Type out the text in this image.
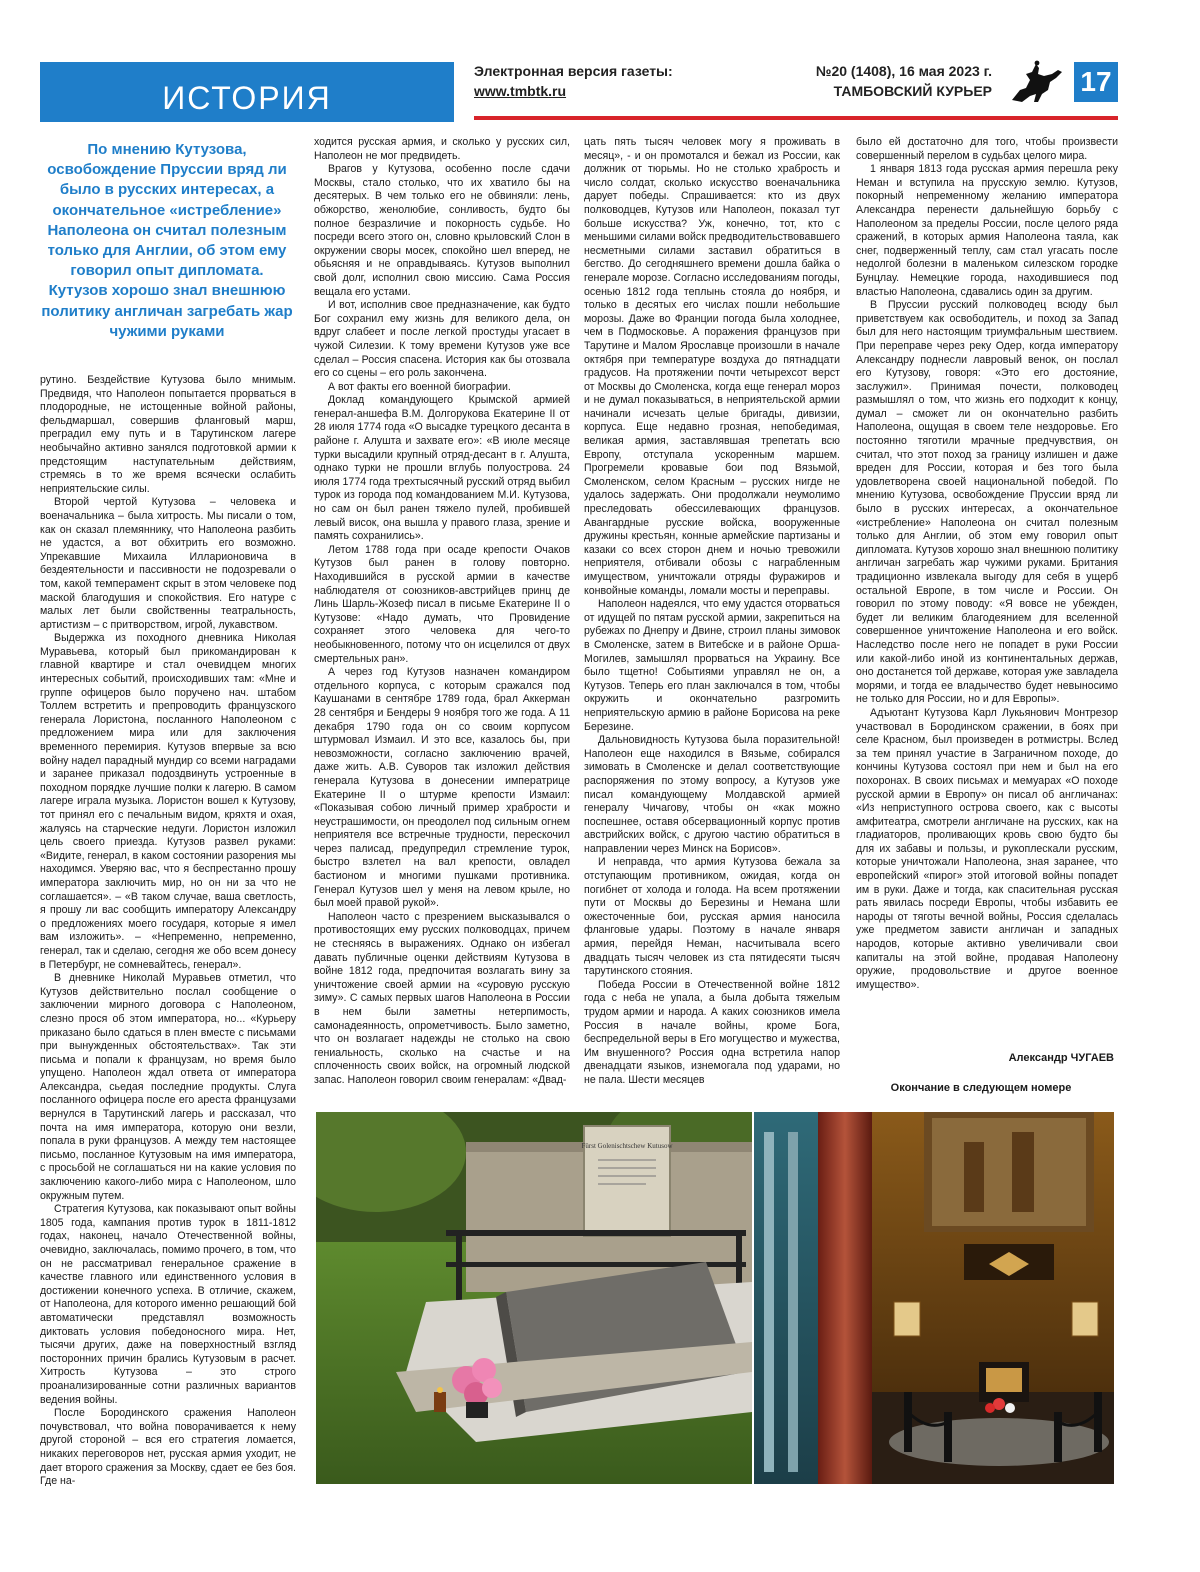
ИСТОРИЯ
Электронная версия газеты:
www.tmbtk.ru
№20 (1408), 16 мая 2023 г.
ТАМБОВСКИЙ КУРЬЕР	17
По мнению Кутузова, освобождение Пруссии вряд ли было в русских интересах, а окончательное «истребление» Наполеона он считал полезным только для Англии, об этом ему говорил опыт дипломата. Кутузов хорошо знал внешнюю политику англичан загребать жар чужими руками

рутино. Бездействие Кутузова было мнимым. Предвидя, что Наполеон попытается прорваться в плодородные, не истощенные войной районы, фельдмаршал, совершив фланговый марш, преградил ему путь и в Тарутинском лагере необычайно активно занялся подготовкой армии к предстоящим наступательным действиям, стремясь в то же время всячески ослабить неприятельские силы.

Второй чертой Кутузова – человека и военачальника – была хитрость. Мы писали о том, как он сказал племяннику, что Наполеона разбить не удастся, а вот обхитрить его возможно. Упрекавшие Михаила Илларионовича в бездеятельности и пассивности не подозревали о том, какой темперамент скрыт в этом человеке под маской благодушия и спокойствия. Его натуре с малых лет были свойственны театральность, артистизм – с притворством, игрой, лукавством.

Выдержка из походного дневника Николая Муравьева, который был прикомандирован к главной квартире и стал очевидцем многих интересных событий, происходивших там: «Мне и группе офицеров было поручено нач. штабом Толлем встретить и препроводить французского генерала Лористона, посланного Наполеоном с предложением мира или для заключения временного перемирия. Кутузов впервые за всю войну надел парадный мундир со всеми наградами и заранее приказал подоздвинуть устроенные в походном порядке лучшие полки к лагерю. В самом лагере играла музыка. Лористон вошел к Кутузову, тот принял его с печальным видом, кряхтя и охая, жалуясь на старческие недуги. Лористон изложил цель своего приезда. Кутузов развел руками: «Видите, генерал, в каком состоянии разорения мы находимся. Уверяю вас, что я беспрестанно прошу императора заключить мир, но он ни за что не соглашается». – «В таком случае, ваша светлость, я прошу ли вас сообщить императору Александру о предложениях моего государя, которые я имел вам изложить». – «Непременно, непременно, генерал, так и сделаю, сегодня же обо всем донесу в Петербург, не сомневайтесь, генерал».

В дневнике Николай Муравьев отметил, что Кутузов действительно послал сообщение о заключении мирного договора с Наполеоном, слезно прося об этом императора, но... «Курьеру приказано было сдаться в плен вместе с письмами при вынужденных обстоятельствах». Так эти письма и попали к французам, но время было упущено. Наполеон ждал ответа от императора Александра, сьедая последние продукты. Слуга посланного офицера после его ареста французами вернулся в Тарутинский лагерь и рассказал, что почта на имя императора, которую они везли, попала в руки французов. А между тем настоящее письмо, посланное Кутузовым на имя императора, с просьбой не соглашаться ни на какие условия по заключению какого-либо мира с Наполеоном, шло окружным путем.

Стратегия Кутузова, как показывают опыт войны 1805 года, кампания против турок в 1811-1812 годах, наконец, начало Отечественной войны, очевидно, заключалась, помимо прочего, в том, что он не рассматривал генеральное сражение в качестве главного или единственного условия в достижении конечного успеха. В отличие, скажем, от Наполеона, для которого именно решающий бой автоматически представлял возможность диктовать условия победоносного мира. Нет, тысячи других, даже на поверхностный взгляд посторонних причин брались Кутузовым в расчет. Хитрость Кутузова – это строго проанализированные сотни различных вариантов ведения войны.

После Бородинского сражения Наполеон почувствовал, что война поворачивается к нему другой стороной – вся его стратегия ломается, никаких переговоров нет, русская армия уходит, не дает второго сражения за Москву, сдает ее без боя. Где на-

ходится русская армия, и сколько у русских сил, Наполеон не мог предвидеть.

Врагов у Кутузова, особенно после сдачи Москвы, стало столько, что их хватило бы на десятерых. В чем только его не обвиняли: лень, обжорство, женолюбие, сонливость, будто бы полное безразличие и покорность судьбе. Но посреди всего этого он, словно крыловский Слон в окружении своры мосек, спокойно шел вперед, не обьясняя и не оправдываясь. Кутузов выполнил свой долг, исполнил свою миссию. Сама Россия вещала его устами.

И вот, исполнив свое предназначение, как будто Бог сохранил ему жизнь для великого дела, он вдруг слабеет и после легкой простуды угасает в чужой Силезии. К тому времени Кутузов уже все сделал – Россия спасена. История как бы отозвала его со сцены – его роль закончена.

А вот факты его военной биографии.

Доклад командующего Крымской армией генерал-аншефа В.М. Долгорукова Екатерине II от 28 июля 1774 года «О высадке турецкого десанта в районе г. Алушта и захвате его»: «В июле месяце турки высадили крупный отряд-десант в г. Алушта, однако турки не прошли вглубь полуострова. 24 июля 1774 года трехтысячный русский отряд выбил турок из города под командованием М.И. Кутузова, но сам он был ранен тяжело пулей, пробившей левый висок, она вышла у правого глаза, зрение и память сохранились».

Летом 1788 года при осаде крепости Очаков Кутузов был ранен в голову повторно. Находившийся в русской армии в качестве наблюдателя от союзников-австрийцев принц де Линь Шарль-Жозеф писал в письме Екатерине II о Кутузове: «Надо думать, что Провидение сохраняет этого человека для чего-то необыкновенного, потому что он исцелился от двух смертельных ран».

А через год Кутузов назначен командиром отдельного корпуса, с которым сражался под Каушанами в сентябре 1789 года, брал Аккерман 28 сентября и Бендеры 9 ноября того же года. А 11 декабря 1790 года он со своим корпусом штурмовал Измаил. И это все, казалось бы, при невозможности, согласно заключению врачей, даже жить. А.В. Суворов так изложил действия генерала Кутузова в донесении императрице Екатерине II о штурме крепости Измаил: «Показывая собою личный пример храбрости и неустрашимости, он преодолел под сильным огнем неприятеля все встречные трудности, перескочил через палисад, предупредил стремление турок, быстро взлетел на вал крепости, овладел бастионом и многими пушками противника. Генерал Кутузов шел у меня на левом крыле, но был моей правой рукой».

Наполеон часто с презрением высказывался о противостоящих ему русских полководцах, причем не стесняясь в выражениях. Однако он избегал давать публичные оценки действиям Кутузова в войне 1812 года, предпочитая возлагать вину за уничтожение своей армии на «суровую русскую зиму». С самых первых шагов Наполеона в России в нем были заметны нетерпимость, самонадеянность, опрометчивость. Было заметно, что он возлагает надежды не столько на свою гениальность, сколько на счастье и на сплоченность своих войск, на огромный людской запас. Наполеон говорил своим генералам: «Двад-

цать пять тысяч человек могу я проживать в месяц», - и он промотался и бежал из России, как должник от тюрьмы. Но не столько храбрость и число солдат, сколько искусство военачальника дарует победы. Спрашивается: кто из двух полководцев, Кутузов или Наполеон, показал тут больше искусства? Уж, конечно, тот, кто с меньшими силами войск предводительствовавшего несметными силами заставил обратиться в бегство. До сегодняшнего времени дошла байка о генерале морозе. Согласно исследованиям погоды, осенью 1812 года теплынь стояла до ноября, и только в десятых его числах пошли небольшие морозы. Даже во Франции погода была холоднее, чем в Подмосковье. А поражения французов при Тарутине и Малом Ярославце произошли в начале октября при температуре воздуха до пятнадцати градусов. На протяжении почти четырехсот верст от Москвы до Смоленска, когда еще генерал мороз и не думал показываться, в неприятельской армии начинали исчезать целые бригады, дивизии, корпуса. Еще недавно грозная, непобедимая, великая армия, заставлявшая трепетать всю Европу, отступала ускоренным маршем. Прогремели кровавые бои под Вязьмой, Смоленском, селом Красным – русских нигде не удалось задержать. Они продолжали неумолимо преследовать обессилевающих французов. Авангардные русские войска, вооруженные дружины крестьян, конные армейские партизаны и казаки со всех сторон днем и ночью тревожили неприятеля, отбивали обозы с награбленным имуществом, уничтожали отряды фуражиров и конвойные команды, ломали мосты и переправы.

Наполеон надеялся, что ему удастся оторваться от идущей по пятам русской армии, закрепиться на рубежах по Днепру и Двине, строил планы зимовок в Смоленске, затем в Витебске и в районе Орша-Могилев, замышлял прорваться на Украину. Все было тщетно! Событиями управлял не он, а Кутузов. Теперь его план заключался в том, чтобы окружить и окончательно разгромить неприятельскую армию в районе Борисова на реке Березине.

Дальновидность Кутузова была поразительной! Наполеон еще находился в Вязьме, собирался зимовать в Смоленске и делал соответствующие распоряжения по этому вопросу, а Кутузов уже писал командующему Молдавской армией генералу Чичагову, чтобы он «как можно поспешнее, оставя обсервационный корпус против австрийских войск, с другою частию обратиться в направлении через Минск на Борисов».

И неправда, что армия Кутузова бежала за отступающим противником, ожидая, когда он погибнет от холода и голода. На всем протяжении пути от Москвы до Березины и Немана шли ожесточенные бои, русская армия наносила фланговые удары. Поэтому в начале января армия, перейдя Неман, насчитывала всего двадцать тысяч человек из ста пятидесяти тысяч тарутинского стояния.

Победа России в Отечественной войне 1812 года с неба не упала, а была добыта тяжелым трудом армии и народа. А каких союзников имела Россия в начале войны, кроме Бога, беспредельной веры в Его могущество и мужества, Им внушенного? Россия одна встретила напор двенадцати языков, изнемогала под ударами, но не пала. Шести месяцев

было ей достаточно для того, чтобы произвести совершенный перелом в судьбах целого мира.

1 января 1813 года русская армия перешла реку Неман и вступила на прусскую землю. Кутузов, покорный непременному желанию императора Александра перенести дальнейшую борьбу с Наполеоном за пределы России, после целого ряда сражений, в которых армия Наполеона таяла, как снег, подверженный теплу, сам стал угасать после недолгой болезни в маленьком силезском городке Бунцлау. Немецкие города, находившиеся под властью Наполеона, сдавались один за другим.

В Пруссии русский полководец всюду был приветствуем как освободитель, и поход за Запад был для него настоящим триумфальным шествием. При переправе через реку Одер, когда императору Александру поднесли лавровый венок, он послал его Кутузову, говоря: «Это его достояние, заслужил». Принимая почести, полководец размышлял о том, что жизнь его подходит к концу, думал – сможет ли он окончательно разбить Наполеона, ощущая в своем теле нездоровье. Его постоянно тяготили мрачные предчувствия, он считал, что этот поход за границу излишен и даже вреден для России, которая и без того была удовлетворена своей национальной победой. По мнению Кутузова, освобождение Пруссии вряд ли было в русских интересах, а окончательное «истребление» Наполеона он считал полезным только для Англии, об этом ему говорил опыт дипломата. Кутузов хорошо знал внешнюю политику англичан загребать жар чужими руками. Британия традиционно извлекала выгоду для себя в ущерб остальной Европе, в том числе и России. Он говорил по этому поводу: «Я вовсе не убежден, будет ли великим благодеянием для вселенной совершенное уничтожение Наполеона и его войск. Наследство после него не попадет в руки России или какой-либо иной из континентальных держав, оно достанется той державе, которая уже завладела морями, и тогда ее владычество будет невыносимо не только для России, но и для Европы».

Адъютант Кутузова Карл Лукьянович Монтрезор участвовал в Бородинском сражении, в боях при селе Красном, был произведен в ротмистры. Вслед за тем принял участие в Заграничном походе, до кончины Кутузова состоял при нем и был на его похоронах. В своих письмах и мемуарах «О походе русской армии в Европу» он писал об англичанах: «Из неприступного острова своего, как с высоты амфитеатра, смотрели англичане на русских, как на гладиаторов, проливающих кровь свою будто бы для их забавы и пользы, и рукоплескали русским, которые уничтожали Наполеона, зная заранее, что европейский «пирог» этой итоговой войны попадет им в руки. Даже и тогда, как спасительная русская рать явилась посреди Европы, чтобы избавить ее народы от тяготы вечной войны, Россия сделалась уже предметом зависти англичан и западных народов, которые активно увеличивали свои капиталы на этой войне, продавая Наполеону оружие, продовольствие и другое военное имущество».

Александр ЧУГАЕВ
Окончание в следующем номере
Fürst Golenischtschew Kutusow
